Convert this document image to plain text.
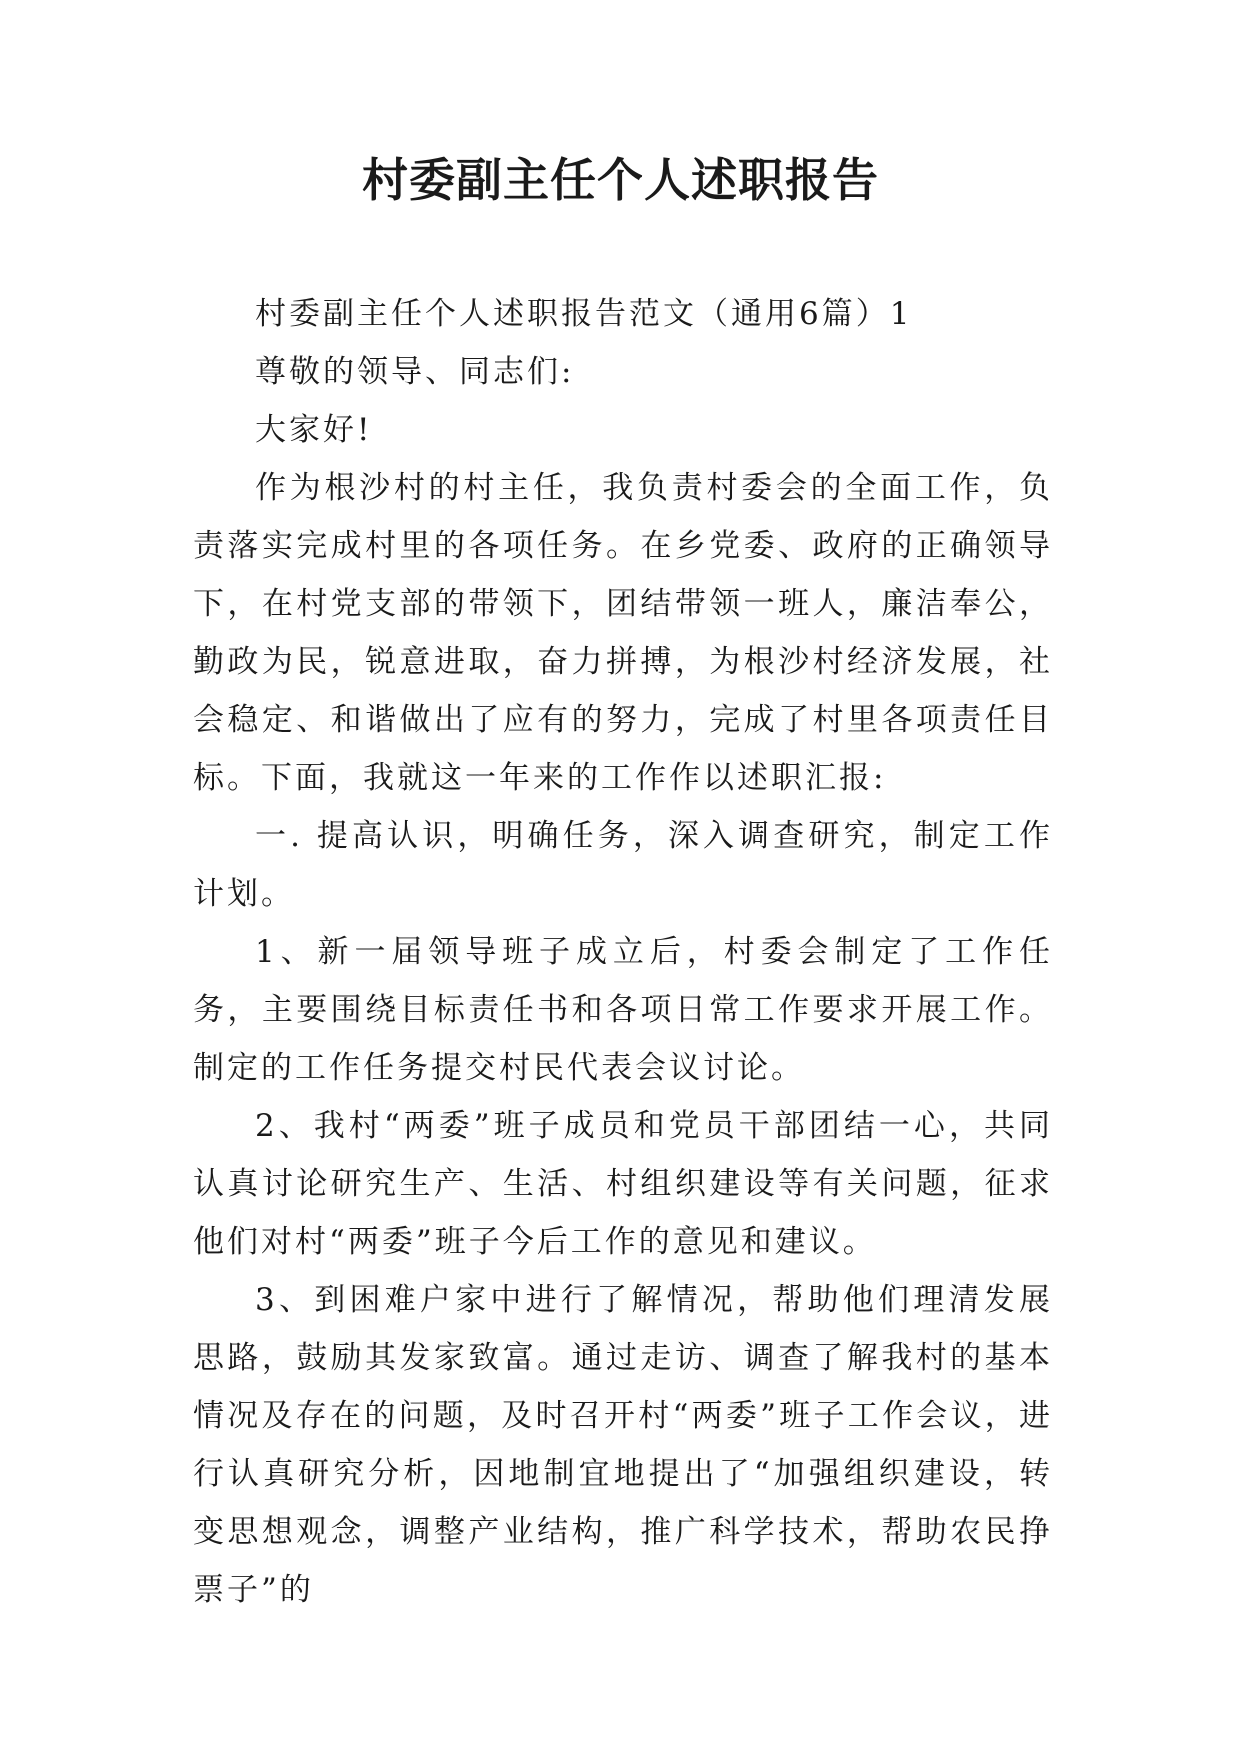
村委副主任个人述职报告

村委副主任个人述职报告范文（通用6篇）1

尊敬的领导、同志们:

大家好!

作为根沙村的村主任，我负责村委会的全面工作，负责落实完成村里的各项任务。在乡党委、政府的正确领导下，在村党支部的带领下，团结带领一班人，廉洁奉公，勤政为民，锐意进取，奋力拼搏，为根沙村经济发展，社会稳定、和谐做出了应有的努力，完成了村里各项责任目标。下面，我就这一年来的工作作以述职汇报:

一. 提高认识，明确任务，深入调查研究，制定工作计划。

1、新一届领导班子成立后，村委会制定了工作任务，主要围绕目标责任书和各项日常工作要求开展工作。制定的工作任务提交村民代表会议讨论。

2、我村“两委”班子成员和党员干部团结一心，共同认真讨论研究生产、生活、村组织建设等有关问题，征求他们对村“两委”班子今后工作的意见和建议。

3、到困难户家中进行了解情况，帮助他们理清发展思路，鼓励其发家致富。通过走访、调查了解我村的基本情况及存在的问题，及时召开村“两委”班子工作会议，进行认真研究分析，因地制宜地提出了“加强组织建设，转变思想观念，调整产业结构，推广科学技术，帮助农民挣票子”的
